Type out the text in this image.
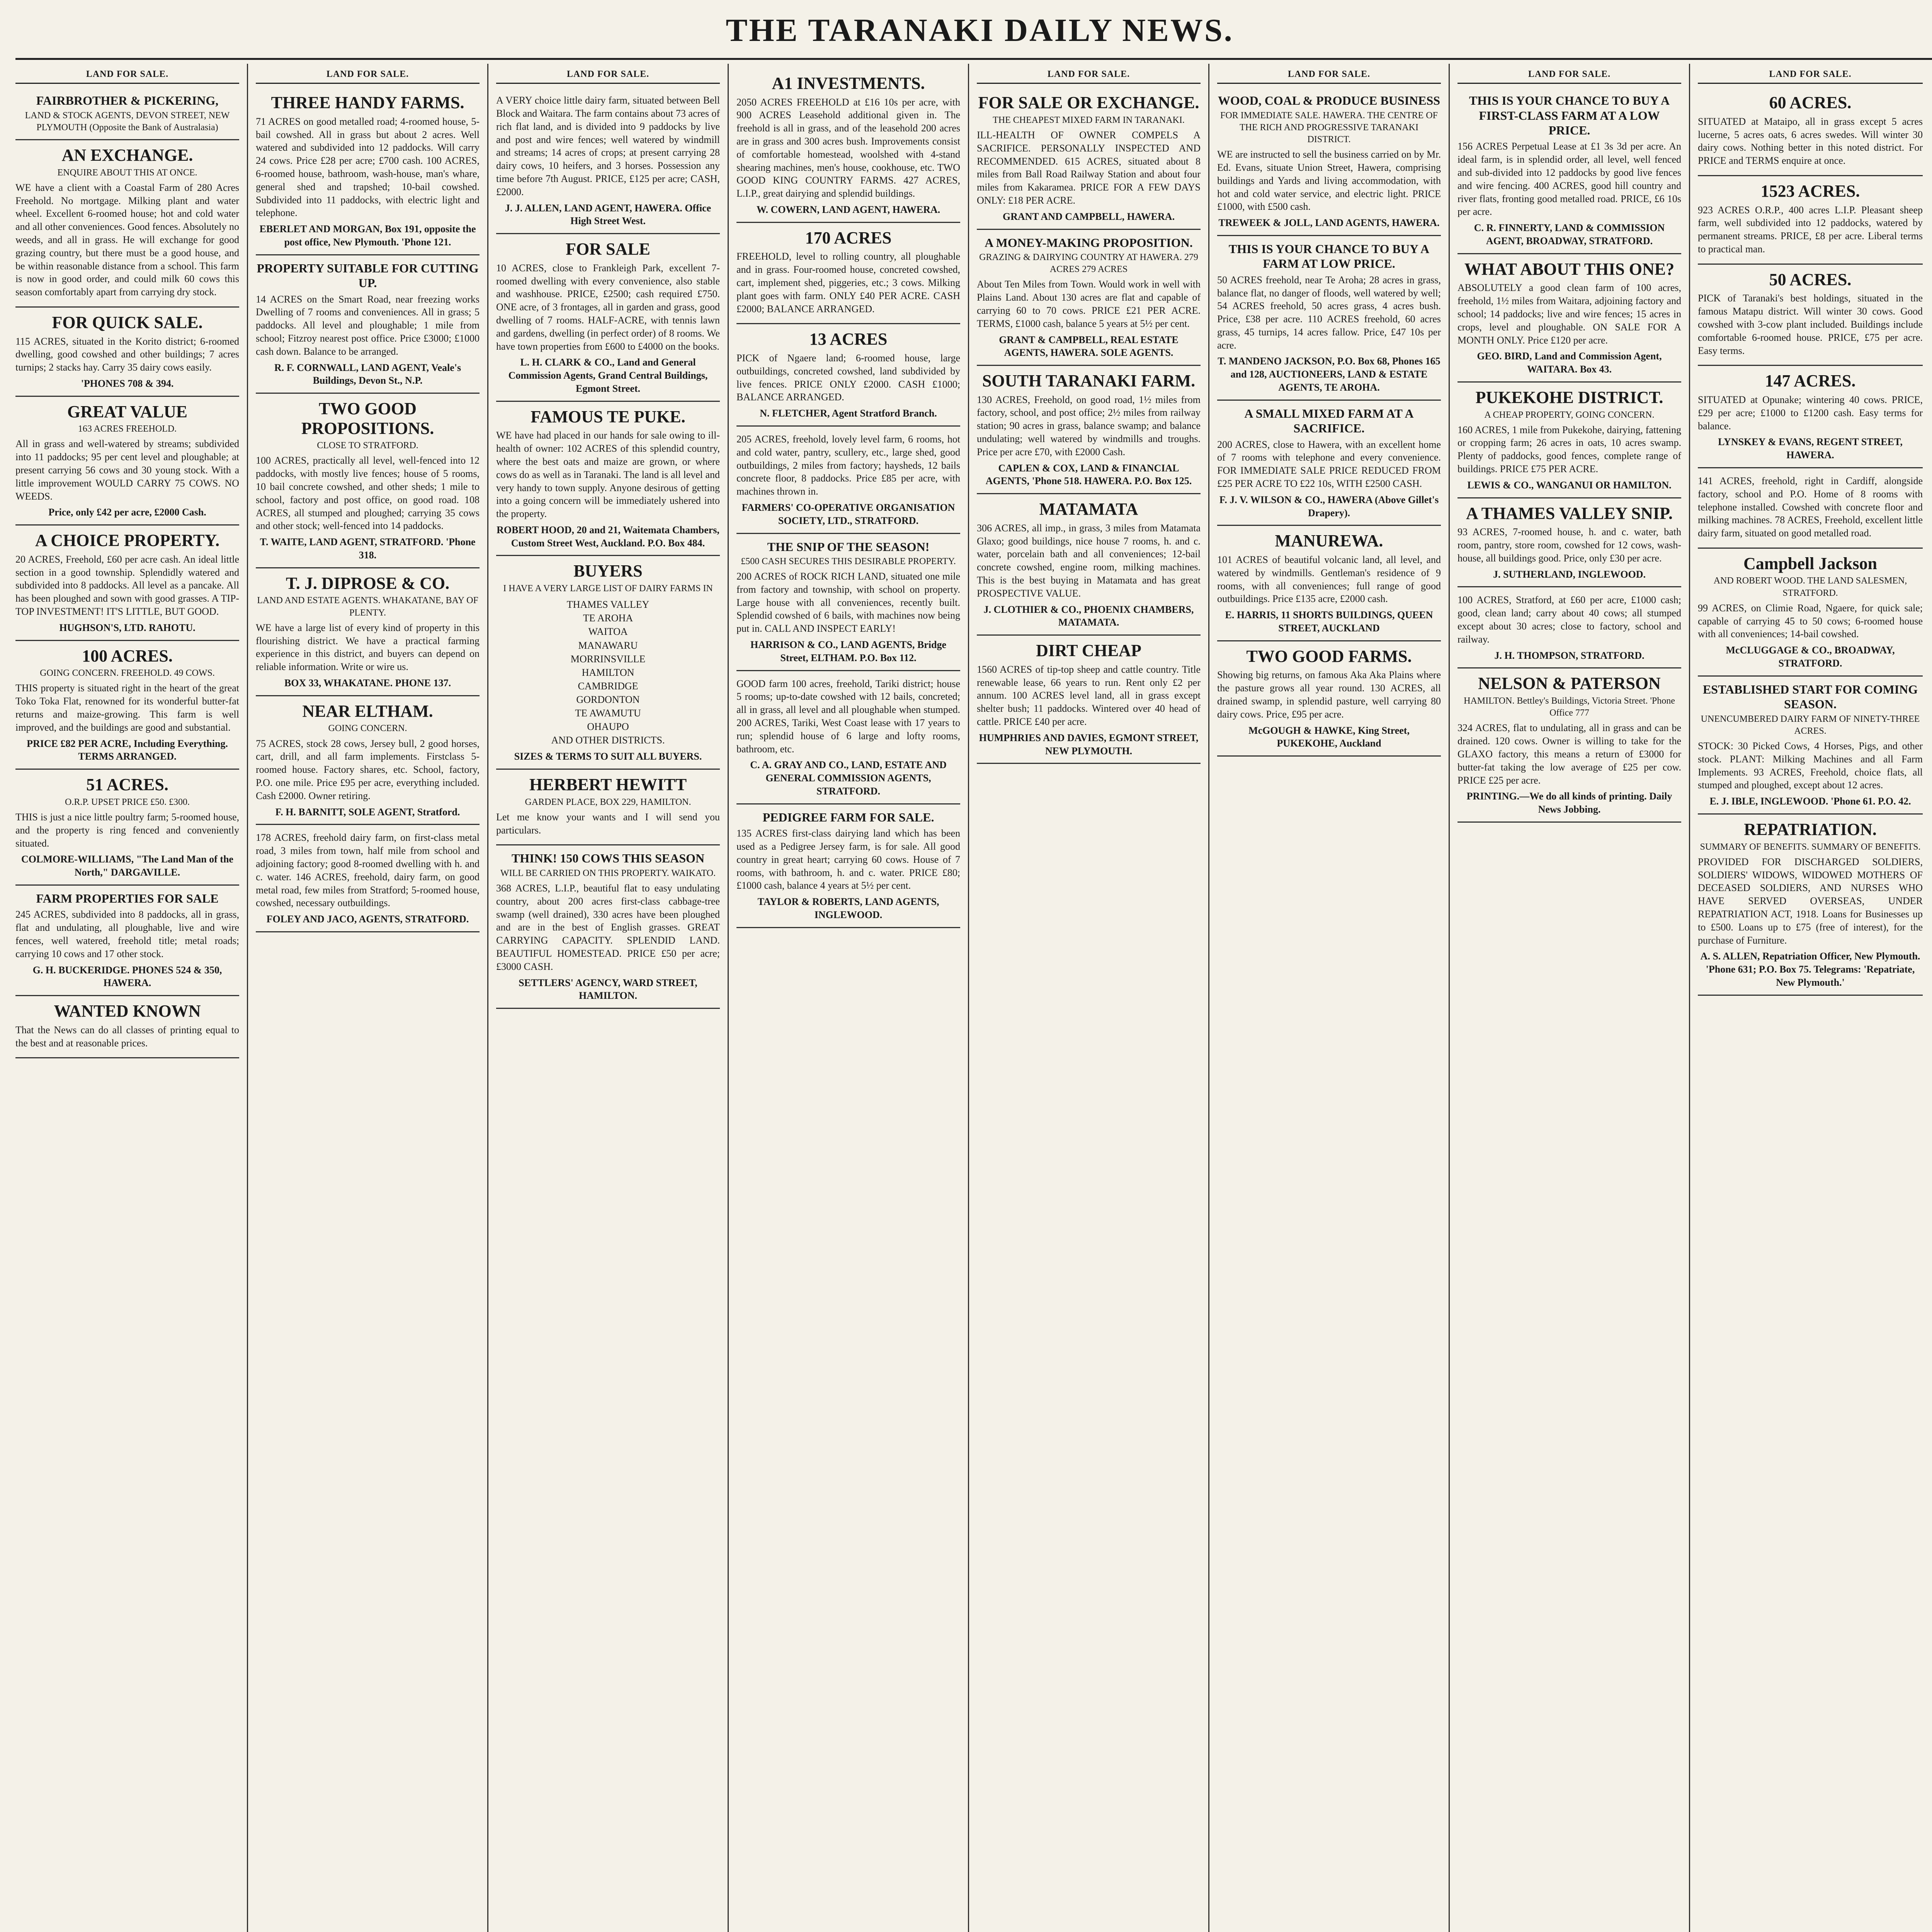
THE TARANAKI DAILY NEWS.
LAND FOR SALE.
FAIRBROTHER & PICKERING,
LAND & STOCK AGENTS, DEVON STREET, NEW PLYMOUTH (Opposite the Bank of Australasia)
AN EXCHANGE.
ENQUIRE ABOUT THIS AT ONCE.

WE have a client with a Coastal Farm of 280 Acres Freehold. No mortgage. Milking plant and water wheel. Excellent 6-roomed house; hot and cold water and all other conveniences. Good fences. Absolutely no weeds, and all in grass. He will exchange for good grazing country, but there must be a good house, and be within reasonable distance from a school. This farm is now in good order, and could milk 60 cows this season comfortably apart from carrying dry stock.

FOR QUICK SALE.

115 ACRES, situated in the Korito district; 6-roomed dwelling, good cowshed and other buildings; 7 acres turnips; 2 stacks hay. Carry 35 dairy cows easily.

'PHONES 708 & 394.
GREAT VALUE
163 ACRES FREEHOLD.

All in grass and well-watered by streams; subdivided into 11 paddocks; 95 per cent level and ploughable; at present carrying 56 cows and 30 young stock. With a little improvement WOULD CARRY 75 COWS. NO WEEDS.

Price, only £42 per acre, £2000 Cash.
A CHOICE PROPERTY.

20 ACRES, Freehold, £60 per acre cash. An ideal little section in a good township. Splendidly watered and subdivided into 8 paddocks. All level as a pancake. All has been ploughed and sown with good grasses. A TIP-TOP INVESTMENT! IT'S LITTLE, BUT GOOD.

HUGHSON'S, LTD. RAHOTU.
100 ACRES.
GOING CONCERN. FREEHOLD. 49 COWS.

THIS property is situated right in the heart of the great Toko Toka Flat, renowned for its wonderful butter-fat returns and maize-growing. This farm is well improved, and the buildings are good and substantial.

PRICE £82 PER ACRE, Including Everything. TERMS ARRANGED.
51 ACRES.
O.R.P. UPSET PRICE £50. £300.

THIS is just a nice little poultry farm; 5-roomed house, and the property is ring fenced and conveniently situated.

COLMORE-WILLIAMS, "The Land Man of the North," DARGAVILLE.
FARM PROPERTIES FOR SALE

245 ACRES, subdivided into 8 paddocks, all in grass, flat and undulating, all ploughable, live and wire fences, well watered, freehold title; metal roads; carrying 10 cows and 17 other stock.

G. H. BUCKERIDGE. PHONES 524 & 350, HAWERA.
WANTED KNOWN

That the News can do all classes of printing equal to the best and at reasonable prices.

LAND FOR SALE.
THREE HANDY FARMS.

71 ACRES on good metalled road; 4-roomed house, 5-bail cowshed. All in grass but about 2 acres. Well watered and subdivided into 12 paddocks. Will carry 24 cows. Price £28 per acre; £700 cash. 100 ACRES, 6-roomed house, bathroom, wash-house, man's whare, general shed and trapshed; 10-bail cowshed. Subdivided into 11 paddocks, with electric light and telephone.

EBERLET AND MORGAN, Box 191, opposite the post office, New Plymouth. 'Phone 121.
PROPERTY SUITABLE FOR CUTTING UP.

14 ACRES on the Smart Road, near freezing works Dwelling of 7 rooms and conveniences. All in grass; 5 paddocks. All level and ploughable; 1 mile from school; Fitzroy nearest post office. Price £3000; £1000 cash down. Balance to be arranged.

R. F. CORNWALL, LAND AGENT, Veale's Buildings, Devon St., N.P.
TWO GOOD PROPOSITIONS.
CLOSE TO STRATFORD.

100 ACRES, practically all level, well-fenced into 12 paddocks, with mostly live fences; house of 5 rooms, 10 bail concrete cowshed, and other sheds; 1 mile to school, factory and post office, on good road. 108 ACRES, all stumped and ploughed; carrying 35 cows and other stock; well-fenced into 14 paddocks.

T. WAITE, LAND AGENT, STRATFORD. 'Phone 318.
T. J. DIPROSE & CO.
LAND AND ESTATE AGENTS. WHAKATANE, BAY OF PLENTY.

WE have a large list of every kind of property in this flourishing district. We have a practical farming experience in this district, and buyers can depend on reliable information. Write or wire us.

BOX 33, WHAKATANE. PHONE 137.
NEAR ELTHAM.
GOING CONCERN.

75 ACRES, stock 28 cows, Jersey bull, 2 good horses, cart, drill, and all farm implements. Firstclass 5-roomed house. Factory shares, etc. School, factory, P.O. one mile. Price £95 per acre, everything included. Cash £2000. Owner retiring.

F. H. BARNITT, SOLE AGENT, Stratford.

178 ACRES, freehold dairy farm, on first-class metal road, 3 miles from town, half mile from school and adjoining factory; good 8-roomed dwelling with h. and c. water. 146 ACRES, freehold, dairy farm, on good metal road, few miles from Stratford; 5-roomed house, cowshed, necessary outbuildings.

FOLEY AND JACO, AGENTS, STRATFORD.
LAND FOR SALE.

A VERY choice little dairy farm, situated between Bell Block and Waitara. The farm contains about 73 acres of rich flat land, and is divided into 9 paddocks by live and post and wire fences; well watered by windmill and streams; 14 acres of crops; at present carrying 28 dairy cows, 10 heifers, and 3 horses. Possession any time before 7th August. PRICE, £125 per acre; CASH, £2000.

J. J. ALLEN, LAND AGENT, HAWERA. Office High Street West.
FOR SALE

10 ACRES, close to Frankleigh Park, excellent 7-roomed dwelling with every convenience, also stable and washhouse. PRICE, £2500; cash required £750. ONE acre, of 3 frontages, all in garden and grass, good dwelling of 7 rooms. HALF-ACRE, with tennis lawn and gardens, dwelling (in perfect order) of 8 rooms. We have town properties from £600 to £4000 on the books.

L. H. CLARK & CO., Land and General Commission Agents, Grand Central Buildings, Egmont Street.
FAMOUS TE PUKE.

WE have had placed in our hands for sale owing to ill-health of owner: 102 ACRES of this splendid country, where the best oats and maize are grown, or where cows do as well as in Taranaki. The land is all level and very handy to town supply. Anyone desirous of getting into a going concern will be immediately ushered into the property.

ROBERT HOOD, 20 and 21, Waitemata Chambers, Custom Street West, Auckland. P.O. Box 484.
BUYERS
I HAVE A VERY LARGE LIST OF DAIRY FARMS IN
THAMES VALLEY
TE AROHA
WAITOA
MANAWARU
MORRINSVILLE
HAMILTON
CAMBRIDGE
GORDONTON
TE AWAMUTU
OHAUPO
AND OTHER DISTRICTS.
SIZES & TERMS TO SUIT ALL BUYERS.
HERBERT HEWITT
GARDEN PLACE, BOX 229, HAMILTON.

Let me know your wants and I will send you particulars.

THINK! 150 COWS THIS SEASON
WILL BE CARRIED ON THIS PROPERTY. WAIKATO.

368 ACRES, L.I.P., beautiful flat to easy undulating country, about 200 acres first-class cabbage-tree swamp (well drained), 330 acres have been ploughed and are in the best of English grasses. GREAT CARRYING CAPACITY. SPLENDID LAND. BEAUTIFUL HOMESTEAD. PRICE £50 per acre; £3000 CASH.

SETTLERS' AGENCY, WARD STREET, HAMILTON.
A1 INVESTMENTS.

2050 ACRES FREEHOLD at £16 10s per acre, with 900 ACRES Leasehold additional given in. The freehold is all in grass, and of the leasehold 200 acres are in grass and 300 acres bush. Improvements consist of comfortable homestead, woolshed with 4-stand shearing machines, men's house, cookhouse, etc. TWO GOOD KING COUNTRY FARMS. 427 ACRES, L.I.P., great dairying and splendid buildings.

W. COWERN, LAND AGENT, HAWERA.
170 ACRES

FREEHOLD, level to rolling country, all ploughable and in grass. Four-roomed house, concreted cowshed, cart, implement shed, piggeries, etc.; 3 cows. Milking plant goes with farm. ONLY £40 PER ACRE. CASH £2000; BALANCE ARRANGED.

13 ACRES

PICK of Ngaere land; 6-roomed house, large outbuildings, concreted cowshed, land subdivided by live fences. PRICE ONLY £2000. CASH £1000; BALANCE ARRANGED.

N. FLETCHER, Agent Stratford Branch.

205 ACRES, freehold, lovely level farm, 6 rooms, hot and cold water, pantry, scullery, etc., large shed, good outbuildings, 2 miles from factory; haysheds, 12 bails concrete floor, 8 paddocks. Price £85 per acre, with machines thrown in.

FARMERS' CO-OPERATIVE ORGANISATION SOCIETY, LTD., STRATFORD.
THE SNIP OF THE SEASON!
£500 CASH SECURES THIS DESIRABLE PROPERTY.

200 ACRES of ROCK RICH LAND, situated one mile from factory and township, with school on property. Large house with all conveniences, recently built. Splendid cowshed of 6 bails, with machines now being put in. CALL AND INSPECT EARLY!

HARRISON & CO., LAND AGENTS, Bridge Street, ELTHAM. P.O. Box 112.

GOOD farm 100 acres, freehold, Tariki district; house 5 rooms; up-to-date cowshed with 12 bails, concreted; all in grass, all level and all ploughable when stumped. 200 ACRES, Tariki, West Coast lease with 17 years to run; splendid house of 6 large and lofty rooms, bathroom, etc.

C. A. GRAY AND CO., LAND, ESTATE AND GENERAL COMMISSION AGENTS, STRATFORD.
PEDIGREE FARM FOR SALE.

135 ACRES first-class dairying land which has been used as a Pedigree Jersey farm, is for sale. All good country in great heart; carrying 60 cows. House of 7 rooms, with bathroom, h. and c. water. PRICE £80; £1000 cash, balance 4 years at 5½ per cent.

TAYLOR & ROBERTS, LAND AGENTS, INGLEWOOD.
LAND FOR SALE.
FOR SALE OR EXCHANGE.
THE CHEAPEST MIXED FARM IN TARANAKI.

ILL-HEALTH OF OWNER COMPELS A SACRIFICE. PERSONALLY INSPECTED AND RECOMMENDED. 615 ACRES, situated about 8 miles from Ball Road Railway Station and about four miles from Kakaramea. PRICE FOR A FEW DAYS ONLY: £18 PER ACRE.

GRANT AND CAMPBELL, HAWERA.
A MONEY-MAKING PROPOSITION.
GRAZING & DAIRYING COUNTRY AT HAWERA. 279 ACRES 279 ACRES

About Ten Miles from Town. Would work in well with Plains Land. About 130 acres are flat and capable of carrying 60 to 70 cows. PRICE £21 PER ACRE. TERMS, £1000 cash, balance 5 years at 5½ per cent.

GRANT & CAMPBELL, REAL ESTATE AGENTS, HAWERA. SOLE AGENTS.
SOUTH TARANAKI FARM.

130 ACRES, Freehold, on good road, 1½ miles from factory, school, and post office; 2½ miles from railway station; 90 acres in grass, balance swamp; and balance undulating; well watered by windmills and troughs. Price per acre £70, with £2000 Cash.

CAPLEN & COX, LAND & FINANCIAL AGENTS, 'Phone 518. HAWERA. P.O. Box 125.
MATAMATA

306 ACRES, all imp., in grass, 3 miles from Matamata Glaxo; good buildings, nice house 7 rooms, h. and c. water, porcelain bath and all conveniences; 12-bail concrete cowshed, engine room, milking machines. This is the best buying in Matamata and has great PROSPECTIVE VALUE.

J. CLOTHIER & CO., PHOENIX CHAMBERS, MATAMATA.
DIRT CHEAP

1560 ACRES of tip-top sheep and cattle country. Title renewable lease, 66 years to run. Rent only £2 per annum. 100 ACRES level land, all in grass except shelter bush; 11 paddocks. Wintered over 40 head of cattle. PRICE £40 per acre.

HUMPHRIES AND DAVIES, EGMONT STREET, NEW PLYMOUTH.
LAND FOR SALE.
WOOD, COAL & PRODUCE BUSINESS
FOR IMMEDIATE SALE. HAWERA. THE CENTRE OF THE RICH AND PROGRESSIVE TARANAKI DISTRICT.

WE are instructed to sell the business carried on by Mr. Ed. Evans, situate Union Street, Hawera, comprising buildings and Yards and living accommodation, with hot and cold water service, and electric light. PRICE £1000, with £500 cash.

TREWEEK & JOLL, LAND AGENTS, HAWERA.
THIS IS YOUR CHANCE TO BUY A FARM AT LOW PRICE.

50 ACRES freehold, near Te Aroha; 28 acres in grass, balance flat, no danger of floods, well watered by well; 54 ACRES freehold, 50 acres grass, 4 acres bush. Price, £38 per acre. 110 ACRES freehold, 60 acres grass, 45 turnips, 14 acres fallow. Price, £47 10s per acre.

T. MANDENO JACKSON, P.O. Box 68, Phones 165 and 128, AUCTIONEERS, LAND & ESTATE AGENTS, TE AROHA.
A SMALL MIXED FARM AT A SACRIFICE.

200 ACRES, close to Hawera, with an excellent home of 7 rooms with telephone and every convenience. FOR IMMEDIATE SALE PRICE REDUCED FROM £25 PER ACRE TO £22 10s, WITH £2500 CASH.

F. J. V. WILSON & CO., HAWERA (Above Gillet's Drapery).
MANUREWA.

101 ACRES of beautiful volcanic land, all level, and watered by windmills. Gentleman's residence of 9 rooms, with all conveniences; full range of good outbuildings. Price £135 acre, £2000 cash.

E. HARRIS, 11 SHORTS BUILDINGS, QUEEN STREET, AUCKLAND
TWO GOOD FARMS.

Showing big returns, on famous Aka Aka Plains where the pasture grows all year round. 130 ACRES, all drained swamp, in splendid pasture, well carrying 80 dairy cows. Price, £95 per acre.

McGOUGH & HAWKE, King Street, PUKEKOHE, Auckland
LAND FOR SALE.
THIS IS YOUR CHANCE TO BUY A FIRST-CLASS FARM AT A LOW PRICE.

156 ACRES Perpetual Lease at £1 3s 3d per acre. An ideal farm, is in splendid order, all level, well fenced and sub-divided into 12 paddocks by good live fences and wire fencing. 400 ACRES, good hill country and river flats, fronting good metalled road. PRICE, £6 10s per acre.

C. R. FINNERTY, LAND & COMMISSION AGENT, BROADWAY, STRATFORD.
WHAT ABOUT THIS ONE?

ABSOLUTELY a good clean farm of 100 acres, freehold, 1½ miles from Waitara, adjoining factory and school; 14 paddocks; live and wire fences; 15 acres in crops, level and ploughable. ON SALE FOR A MONTH ONLY. Price £120 per acre.

GEO. BIRD, Land and Commission Agent, WAITARA. Box 43.
PUKEKOHE DISTRICT.
A CHEAP PROPERTY, GOING CONCERN.

160 ACRES, 1 mile from Pukekohe, dairying, fattening or cropping farm; 26 acres in oats, 10 acres swamp. Plenty of paddocks, good fences, complete range of buildings. PRICE £75 PER ACRE.

LEWIS & CO., WANGANUI OR HAMILTON.
A THAMES VALLEY SNIP.

93 ACRES, 7-roomed house, h. and c. water, bath room, pantry, store room, cowshed for 12 cows, wash-house, all buildings good. Price, only £30 per acre.

J. SUTHERLAND, INGLEWOOD.

100 ACRES, Stratford, at £60 per acre, £1000 cash; good, clean land; carry about 40 cows; all stumped except about 30 acres; close to factory, school and railway.

J. H. THOMPSON, STRATFORD.
NELSON & PATERSON
HAMILTON. Bettley's Buildings, Victoria Street. 'Phone Office 777

324 ACRES, flat to undulating, all in grass and can be drained. 120 cows. Owner is willing to take for the GLAXO factory, this means a return of £3000 for butter-fat taking the low average of £25 per cow. PRICE £25 per acre.

PRINTING.—We do all kinds of printing. Daily News Jobbing.
LAND FOR SALE.
60 ACRES.

SITUATED at Mataipo, all in grass except 5 acres lucerne, 5 acres oats, 6 acres swedes. Will winter 30 dairy cows. Nothing better in this noted district. For PRICE and TERMS enquire at once.

1523 ACRES.

923 ACRES O.R.P., 400 acres L.I.P. Pleasant sheep farm, well subdivided into 12 paddocks, watered by permanent streams. PRICE, £8 per acre. Liberal terms to practical man.

50 ACRES.

PICK of Taranaki's best holdings, situated in the famous Matapu district. Will winter 30 cows. Good cowshed with 3-cow plant included. Buildings include comfortable 6-roomed house. PRICE, £75 per acre. Easy terms.

147 ACRES.

SITUATED at Opunake; wintering 40 cows. PRICE, £29 per acre; £1000 to £1200 cash. Easy terms for balance.

LYNSKEY & EVANS, REGENT STREET, HAWERA.

141 ACRES, freehold, right in Cardiff, alongside factory, school and P.O. Home of 8 rooms with telephone installed. Cowshed with concrete floor and milking machines. 78 ACRES, Freehold, excellent little dairy farm, situated on good metalled road.

Campbell Jackson
AND ROBERT WOOD. THE LAND SALESMEN, STRATFORD.

99 ACRES, on Climie Road, Ngaere, for quick sale; capable of carrying 45 to 50 cows; 6-roomed house with all conveniences; 14-bail cowshed.

McCLUGGAGE & CO., BROADWAY, STRATFORD.
ESTABLISHED START FOR COMING SEASON.
UNENCUMBERED DAIRY FARM OF NINETY-THREE ACRES.

STOCK: 30 Picked Cows, 4 Horses, Pigs, and other stock. PLANT: Milking Machines and all Farm Implements. 93 ACRES, Freehold, choice flats, all stumped and ploughed, except about 12 acres.

E. J. IBLE, INGLEWOOD. 'Phone 61. P.O. 42.
REPATRIATION.
SUMMARY OF BENEFITS. SUMMARY OF BENEFITS.

PROVIDED FOR DISCHARGED SOLDIERS, SOLDIERS' WIDOWS, WIDOWED MOTHERS OF DECEASED SOLDIERS, AND NURSES WHO HAVE SERVED OVERSEAS, UNDER REPATRIATION ACT, 1918. Loans for Businesses up to £500. Loans up to £75 (free of interest), for the purchase of Furniture.

A. S. ALLEN, Repatriation Officer, New Plymouth. 'Phone 631; P.O. Box 75. Telegrams: 'Repatriate, New Plymouth.'
